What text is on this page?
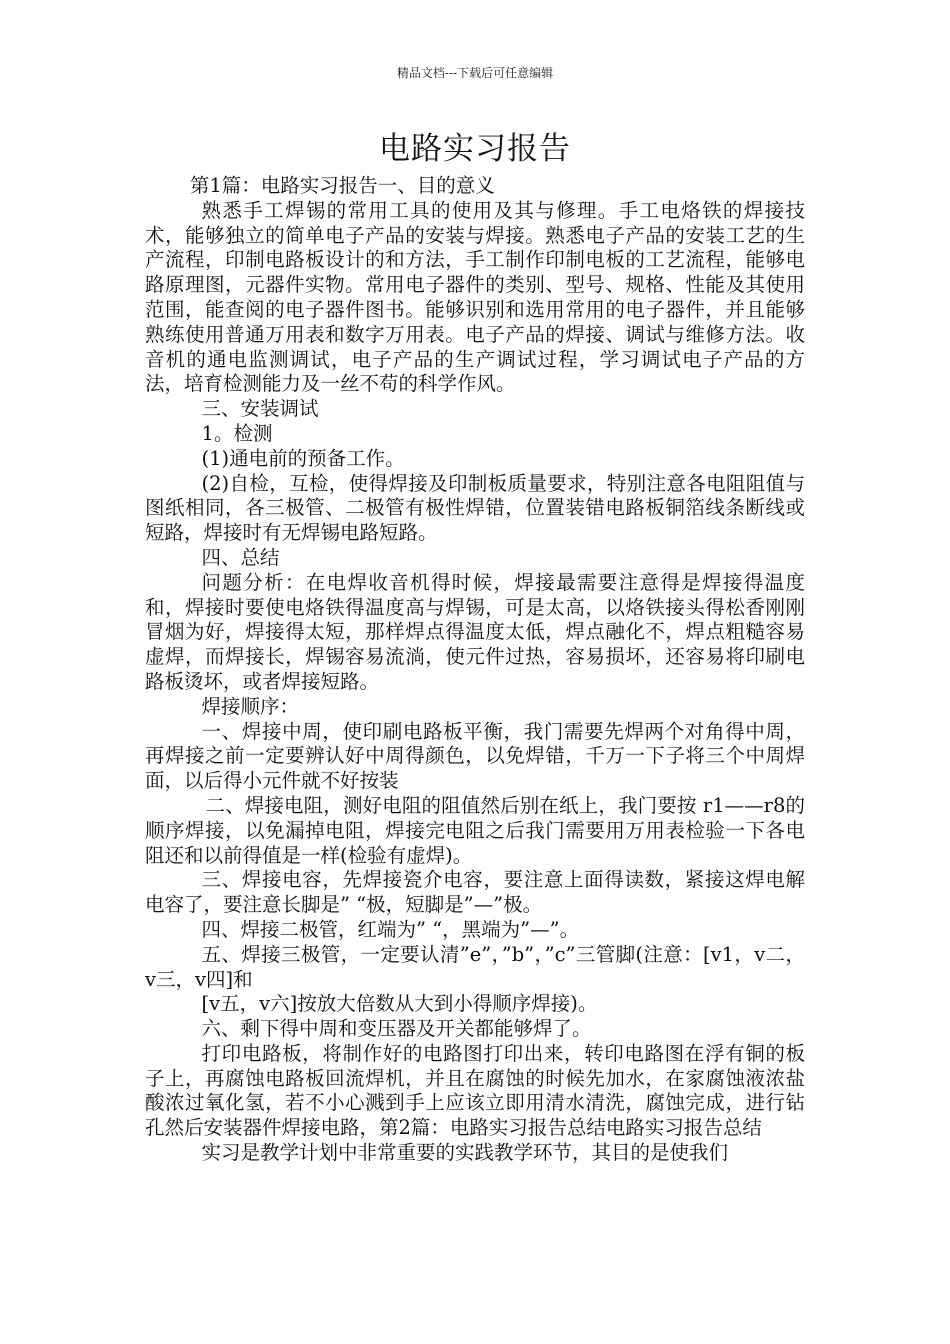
精品文档---下载后可任意编辑
电路实习报告

第1篇：电路实习报告一、目的意义

熟悉手工焊锡的常用工具的使用及其与修理。手工电烙铁的焊接技术，能够独立的简单电子产品的安装与焊接。熟悉电子产品的安装工艺的生产流程，印制电路板设计的和方法，手工制作印制电板的工艺流程，能够电路原理图，元器件实物。常用电子器件的类别、型号、规格、性能及其使用范围，能查阅的电子器件图书。能够识别和选用常用的电子器件，并且能够熟练使用普通万用表和数字万用表。电子产品的焊接、调试与维修方法。收音机的通电监测调试，电子产品的生产调试过程，学习调试电子产品的方法，培育检测能力及一丝不苟的科学作风。

三、安装调试

1。检测

(1)通电前的预备工作。

(2)自检，互检，使得焊接及印制板质量要求，特别注意各电阻阻值与图纸相同，各三极管、二极管有极性焊错，位置装错电路板铜箔线条断线或短路，焊接时有无焊锡电路短路。

四、总结

问题分析：在电焊收音机得时候，焊接最需要注意得是焊接得温度和，焊接时要使电烙铁得温度高与焊锡，可是太高，以烙铁接头得松香刚刚冒烟为好，焊接得太短，那样焊点得温度太低，焊点融化不，焊点粗糙容易虚焊，而焊接长，焊锡容易流淌，使元件过热，容易损坏，还容易将印刷电路板烫坏，或者焊接短路。

焊接顺序：

一、焊接中周，使印刷电路板平衡，我门需要先焊两个对角得中周，再焊接之前一定要辨认好中周得颜色，以免焊错，千万一下子将三个中周焊面，以后得小元件就不好按装

二、焊接电阻，测好电阻的阻值然后别在纸上，我门要按 r1——r8的顺序焊接，以免漏掉电阻，焊接完电阻之后我门需要用万用表检验一下各电阻还和以前得值是一样(检验有虚焊)。

三、焊接电容，先焊接瓷介电容，要注意上面得读数，紧接这焊电解电容了，要注意长脚是” “极，短脚是”—”极。

四、焊接二极管，红端为” “，黑端为”—”。

五、焊接三极管，一定要认清”e”，”b”，”c”三管脚(注意：[v1，v二，v三，v四]和

[v五，v六]按放大倍数从大到小得顺序焊接)。

六、剩下得中周和变压器及开关都能够焊了。

打印电路板，将制作好的电路图打印出来，转印电路图在浮有铜的板子上，再腐蚀电路板回流焊机，并且在腐蚀的时候先加水，在家腐蚀液浓盐酸浓过氧化氢，若不小心溅到手上应该立即用清水清洗，腐蚀完成，进行钻孔然后安装器件焊接电路，第2篇：电路实习报告总结电路实习报告总结

实习是教学计划中非常重要的实践教学环节，其目的是使我们
